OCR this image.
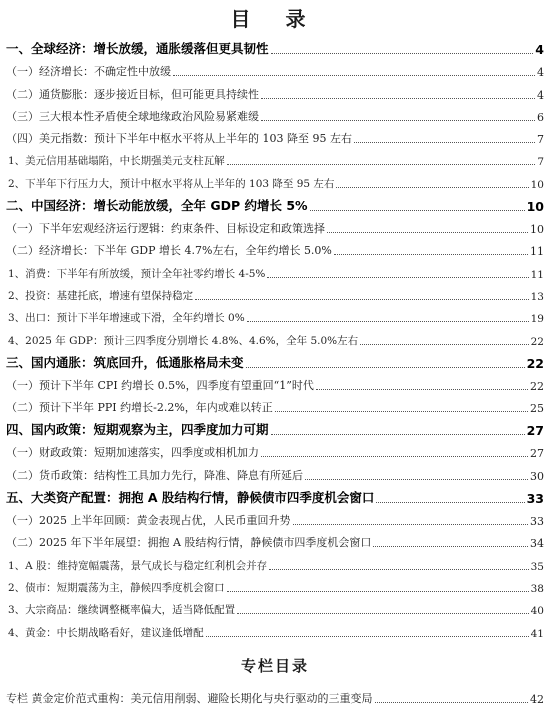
目 录
一、全球经济：增长放缓，通胀缓落但更具韧性	4
（一）经济增长：不确定性中放缓	4
（二）通货膨胀：逐步接近目标，但可能更具持续性	4
（三）三大根本性矛盾使全球地缘政治风险易紧难缓	6
（四）美元指数：预计下半年中枢水平将从上半年的 103 降至 95 左右	7
1、美元信用基础塌陷，中长期强美元支柱瓦解	7
2、下半年下行压力大，预计中枢水平将从上半年的 103 降至 95 左右	10
二、中国经济：增长动能放缓，全年 GDP 约增长 5%	10
（一）下半年宏观经济运行逻辑：约束条件、目标设定和政策选择	10
（二）经济增长：下半年 GDP 增长 4.7%左右，全年约增长 5.0%	11
1、消费：下半年有所放缓，预计全年社零约增长 4-5%	11
2、投资：基建托底，增速有望保持稳定	13
3、出口：预计下半年增速或下滑，全年约增长 0%	19
4、2025 年 GDP：预计三四季度分别增长 4.8%、4.6%，全年 5.0%左右	22
三、国内通胀：筑底回升，低通胀格局未变	22
（一）预计下半年 CPI 约增长 0.5%，四季度有望重回“1”时代	22
（二）预计下半年 PPI 约增长-2.2%，年内或难以转正	25
四、国内政策：短期观察为主，四季度加力可期	27
（一）财政政策：短期加速落实，四季度或相机加力	27
（二）货币政策：结构性工具加力先行，降准、降息有所延后	30
五、大类资产配置：拥抱 A 股结构行情，静候债市四季度机会窗口	33
（一）2025 上半年回顾：黄金表现占优，人民币重回升势	33
（二）2025 年下半年展望：拥抱 A 股结构行情，静候债市四季度机会窗口	34
1、A 股：维持宽幅震荡，景气成长与稳定红利机会并存	35
2、债市：短期震荡为主，静候四季度机会窗口	38
3、大宗商品：继续调整概率偏大，适当降低配置	40
4、黄金：中长期战略看好，建议逢低增配	41
专栏目录
专栏 黄金定价范式重构：美元信用削弱、避险长期化与央行驱动的三重变局	42
